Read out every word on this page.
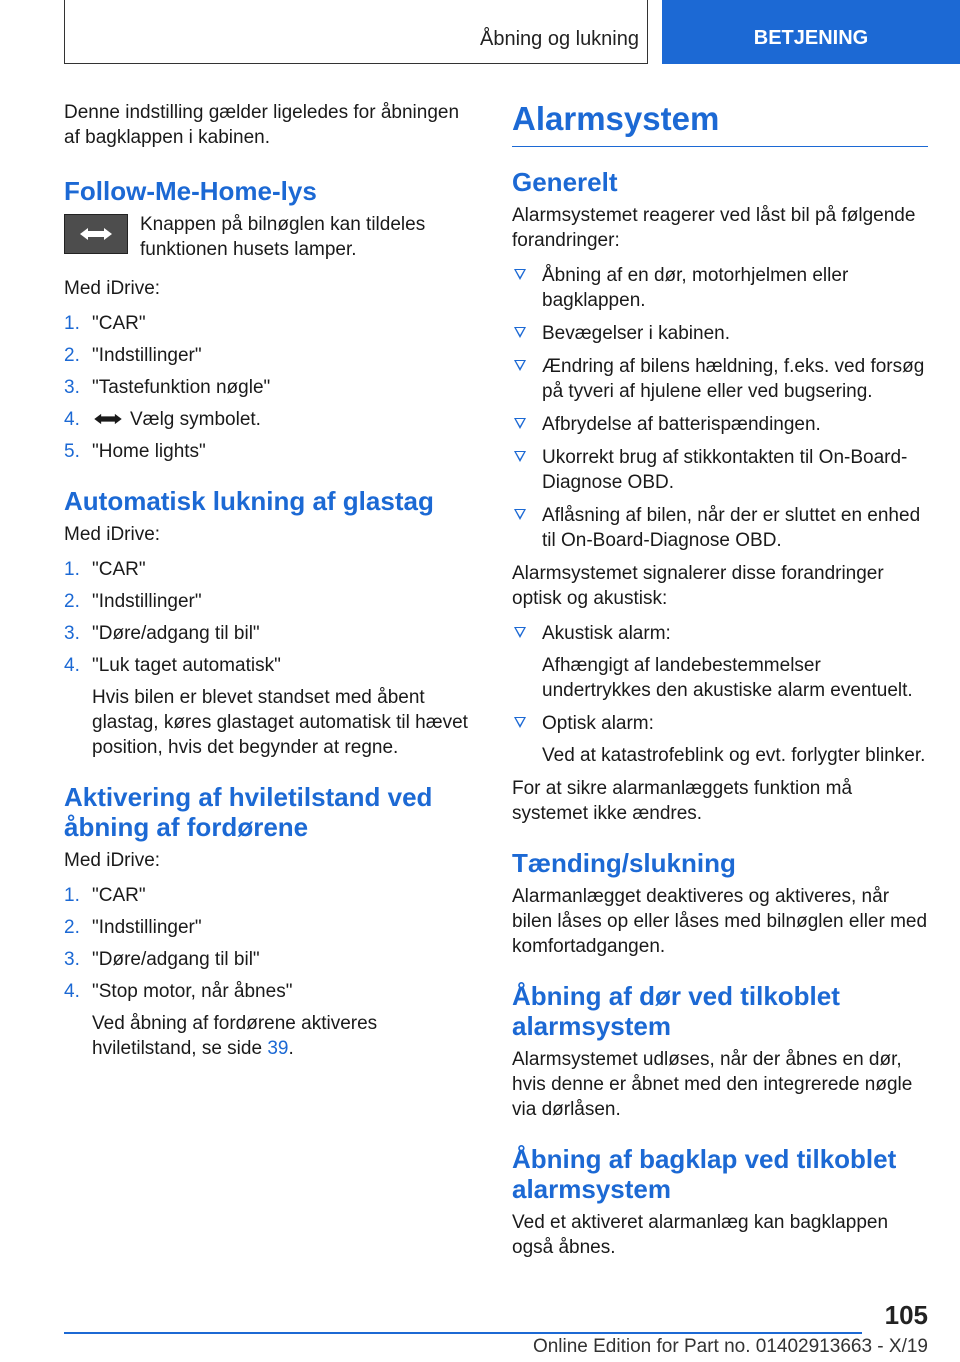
Åbning og lukning	BETJENING

Denne indstilling gælder ligeledes for åbningen af bagklappen i kabinen.

Follow-Me-Home-lys
Knappen på bilnøglen kan tildeles funktionen husets lamper.

Med iDrive:

1. "CAR"
2. "Indstillinger"
3. "Tastefunktion nøgle"
4.	Vælg symbolet.
5. "Home lights"
Automatisk lukning af glastag

Med iDrive:

1. "CAR"
2. "Indstillinger"
3. "Døre/adgang til bil"
4. "Luk taget automatisk"
Hvis bilen er blevet standset med åbent glastag, køres glastaget automatisk til hævet position, hvis det begynder at regne.
Aktivering af hviletilstand ved åbning af fordørene

Med iDrive:

1. "CAR"
2. "Indstillinger"
3. "Døre/adgang til bil"
4. "Stop motor, når åbnes"
Ved åbning af fordørene aktiveres hviletilstand, se side 39.
Alarmsystem
Generelt

Alarmsystemet reagerer ved låst bil på følgende forandringer:

Åbning af en dør, motorhjelmen eller bagklappen.
Bevægelser i kabinen.
Ændring af bilens hældning, f.eks. ved forsøg på tyveri af hjulene eller ved bugsering.
Afbrydelse af batterispændingen.
Ukorrekt brug af stikkontakten til On-Board-Diagnose OBD.
Aflåsning af bilen, når der er sluttet en enhed til On-Board-Diagnose OBD.

Alarmsystemet signalerer disse forandringer optisk og akustisk:

Akustisk alarm:
Afhængigt af landebestemmelser undertrykkes den akustiske alarm eventuelt.
Optisk alarm:
Ved at katastrofeblink og evt. forlygter blinker.

For at sikre alarmanlæggets funktion må systemet ikke ændres.

Tænding/slukning

Alarmanlægget deaktiveres og aktiveres, når bilen låses op eller låses med bilnøglen eller med komfortadgangen.

Åbning af dør ved tilkoblet alarmsystem

Alarmsystemet udløses, når der åbnes en dør, hvis denne er åbnet med den integrerede nøgle via dørlåsen.

Åbning af bagklap ved tilkoblet alarmsystem

Ved et aktiveret alarmanlæg kan bagklappen også åbnes.

105
Online Edition for Part no. 01402913663 - X/19
